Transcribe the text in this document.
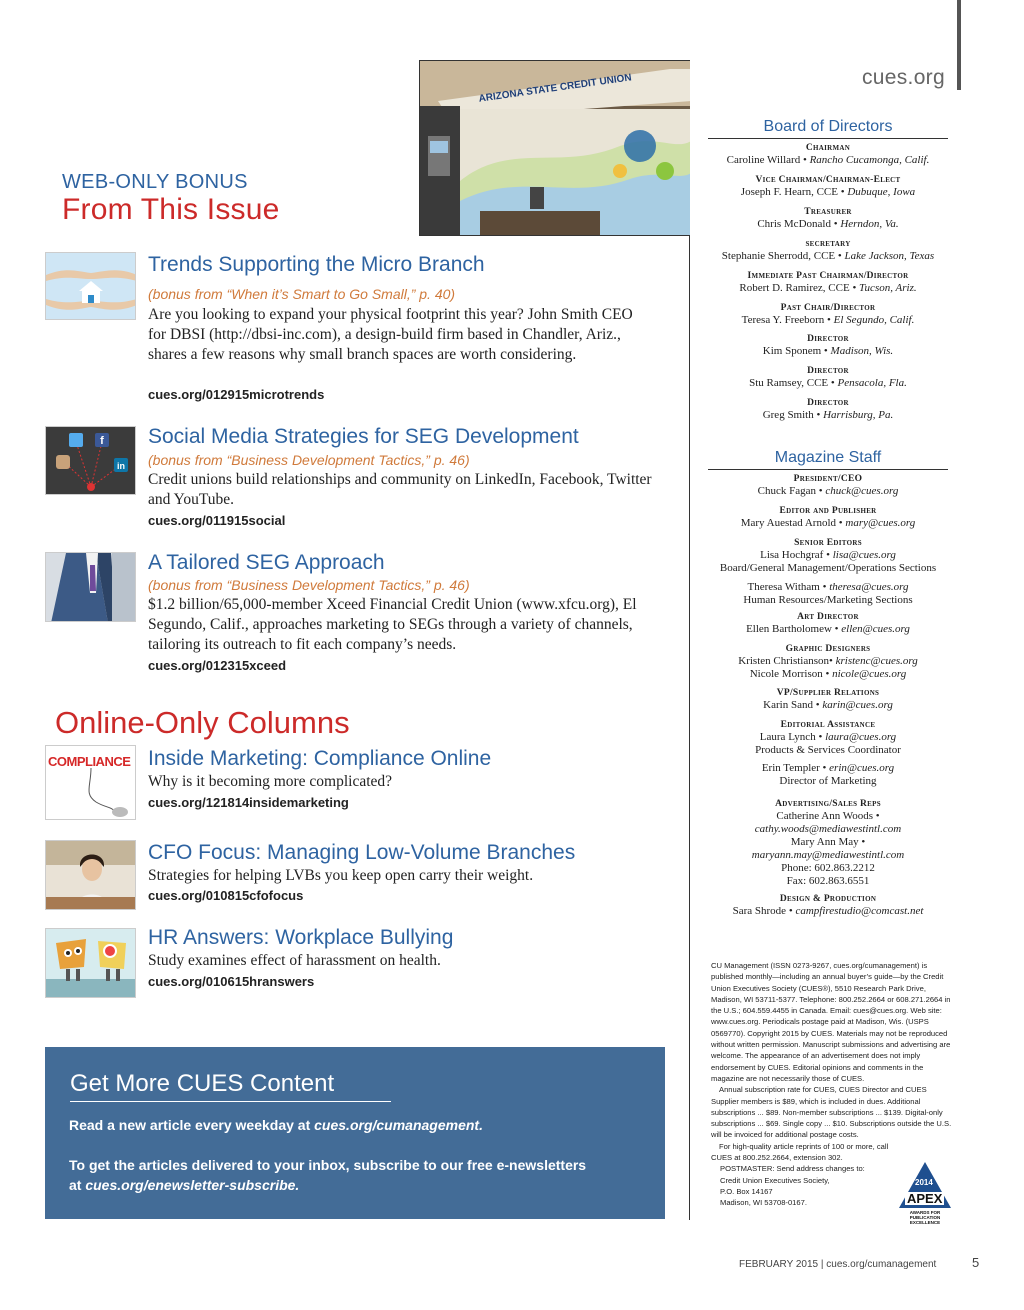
cues.org
ARIZONA STATE CREDIT UNION
WEB-ONLY BONUS
From This Issue
Trends Supporting the Micro Branch
(bonus from “When it’s Smart to Go Small,” p. 40)
Are you looking to expand your physical footprint this year? John Smith CEO for DBSI (http://dbsi-inc.com), a design-build firm based in Chandler, Ariz., shares a few reasons why small branch spaces are worth considering.
cues.org/012915microtrends
f
in
Social Media Strategies for SEG Development
(bonus from “Business Development Tactics,” p. 46)
Credit unions build relationships and community on LinkedIn, Facebook, Twitter and YouTube.
cues.org/011915social
A Tailored SEG Approach
(bonus from “Business Development Tactics,” p. 46)
$1.2 billion/65,000-member Xceed Financial Credit Union (www.xfcu.org), El Segundo, Calif., approaches marketing to SEGs through a variety of channels, tailoring its outreach to fit each company’s needs.
cues.org/012315xceed
Online-Only Columns
COMPLIANCE Inside Marketing: Compliance Online
Why is it becoming more complicated?
cues.org/121814insidemarketing
CFO Focus: Managing Low-Volume Branches
Strategies for helping LVBs you keep open carry their weight.
cues.org/010815cfofocus
HR Answers: Workplace Bullying
Study examines effect of harassment on health.
cues.org/010615hranswers
Get More CUES Content
Read a new article every weekday at cues.org/cumanagement.
To get the articles delivered to your inbox, subscribe to our free e-newsletters
at cues.org/enewsletter-subscribe.
Board of Directors
Chairman
Caroline Willard • Rancho Cucamonga, Calif.
Vice Chairman/Chairman-Elect
Joseph F. Hearn, CCE • Dubuque, Iowa
Treasurer
Chris McDonald • Herndon, Va.
secretary
Stephanie Sherrodd, CCE • Lake Jackson, Texas
Immediate Past Chairman/Director
Robert D. Ramirez, CCE • Tucson, Ariz.
Past Chair/Director
Teresa Y. Freeborn • El Segundo, Calif.
Director
Kim Sponem • Madison, Wis.
Director
Stu Ramsey, CCE • Pensacola, Fla.
Director
Greg Smith • Harrisburg, Pa.
Magazine Staff
President/CEO
Chuck Fagan • chuck@cues.org
Editor and Publisher
Mary Auestad Arnold • mary@cues.org
Senior Editors
Lisa Hochgraf • lisa@cues.org
Board/General Management/Operations Sections
Theresa Witham • theresa@cues.org
Human Resources/Marketing Sections
Art Director
Ellen Bartholomew • ellen@cues.org
Graphic Designers
Kristen Christianson• kristenc@cues.org
Nicole Morrison • nicole@cues.org
VP/Supplier Relations
Karin Sand • karin@cues.org
Editorial Assistance
Laura Lynch • laura@cues.org
Products & Services Coordinator
Erin Templer • erin@cues.org
Director of Marketing
Advertising/Sales Reps
Catherine Ann Woods •
cathy.woods@mediawestintl.com
Mary Ann May •
maryann.may@mediawestintl.com
Phone: 602.863.2212
Fax: 602.863.6551
Design & Production
Sara Shrode • campfirestudio@comcast.net

CU Management (ISSN 0273-9267, cues.org/cumanagement) is published monthly—including an annual buyer’s guide—by the Credit Union Executives Society (CUES®), 5510 Research Park Drive, Madison, WI 53711-5377. Telephone: 800.252.2664 or 608.271.2664 in the U.S.; 604.559.4455 in Canada. Email: cues@cues.org. Web site: www.cues.org. Periodicals postage paid at Madison, Wis. (USPS 0569770). Copyright 2015 by CUES. Materials may not be reproduced without written permission. Manuscript submissions and advertising are welcome. The appearance of an advertisement does not imply endorsement by CUES. Editorial opinions and comments in the magazine are not necessarily those of CUES.

Annual subscription rate for CUES, CUES Director and CUES Supplier members is $89, which is included in dues. Additional subscriptions ... $89. Non-member subscriptions ... $139. Digital-only subscriptions ... $69. Single copy ... $10. Subscriptions outside the U.S. will be invoiced for additional postage costs.

For high-quality article reprints of 100 or more, call CUES at 800.252.2664, extension 302.

POSTMASTER: Send address changes to:

Credit Union Executives Society,

P.O. Box 14167

Madison, WI 53708-0167.

2014
APEX
AWARDS FOR PUBLICATION EXCELLENCE
FEBRUARY 2015 | cues.org/cumanagement	5
